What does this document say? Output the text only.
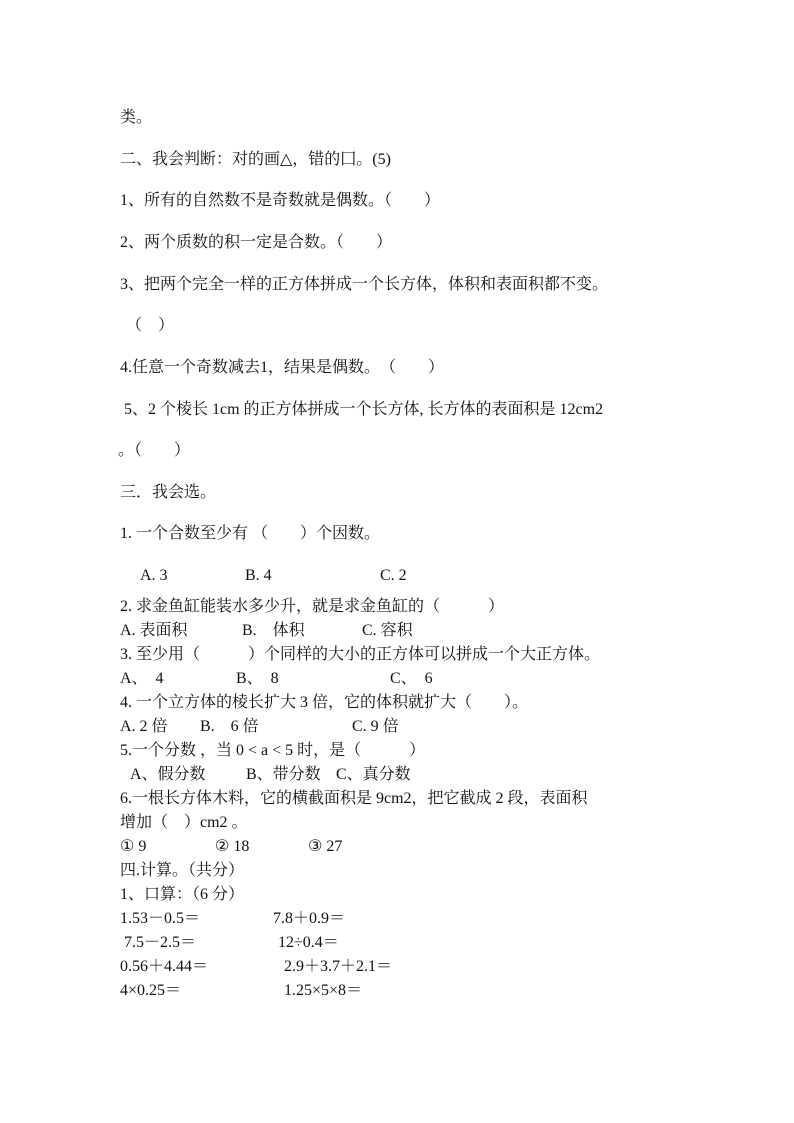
类。
二、我会判断：对的画△，错的囗。(5)
1、所有的自然数不是奇数就是偶数。（　　）
2、两个质数的积一定是合数。（　　）
3、把两个完全一样的正方体拼成一个长方体，体积和表面积都不变。
（　）
4.任意一个奇数减去1，结果是偶数。　（　　）
5、2 个棱长 1cm 的正方体拼成一个长方体, 长方体的表面积是 12cm2
。（　　）
三．我会选。
1. 一个合数至少有 （　　）个因数。
A. 3	B. 4	C. 2
2. 求金鱼缸能装水多少升，就是求金鱼缸的（　　　）
A. 表面积	B.　体积	C. 容积
3. 至少用（　　　）个同样的大小的正方体可以拼成一个大正方体。
A、　4	B、　8	C、　6
4. 一个立方体的棱长扩大 3 倍，它的体积就扩大（　　）。
A. 2 倍 B.　6 倍	C. 9 倍
5.一个分数 ，当 0 < a < 5 时，是（　　　）
A、假分数	B、带分数 C、真分数
6.一根长方体木料，它的横截面积是 9cm2，把它截成 2 段，表面积
增加（　）cm2 。
① 9	② 18	③ 27
四.计算。（共分）
1、口算：（6 分）
1.53－0.5＝	7.8＋0.9＝
7.5－2.5＝	12÷0.4＝
0.56＋4.44＝	2.9＋3.7＋2.1＝
4×0.25＝	1.25×5×8＝
